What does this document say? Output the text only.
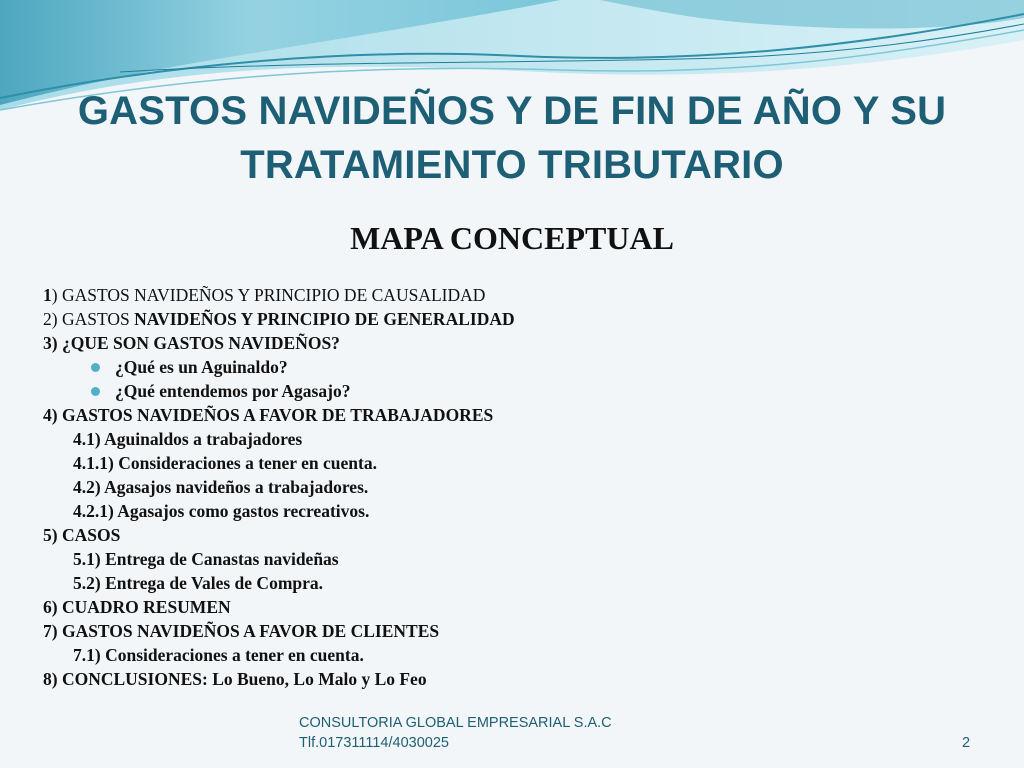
GASTOS NAVIDEÑOS Y DE FIN DE AÑO Y SU
TRATAMIENTO TRIBUTARIO
MAPA CONCEPTUAL
1) GASTOS NAVIDEÑOS Y PRINCIPIO DE CAUSALIDAD
2) GASTOS NAVIDEÑOS Y PRINCIPIO DE GENERALIDAD
3) ¿QUE SON GASTOS NAVIDEÑOS?
¿Qué es un Aguinaldo?
¿Qué entendemos por Agasajo?
4) GASTOS NAVIDEÑOS A FAVOR DE TRABAJADORES
4.1) Aguinaldos a trabajadores
4.1.1) Consideraciones a tener en cuenta.
4.2) Agasajos navideños a trabajadores.
4.2.1) Agasajos como gastos recreativos.
5) CASOS
5.1) Entrega de Canastas navideñas
5.2) Entrega de Vales de Compra.
6) CUADRO RESUMEN
7) GASTOS NAVIDEÑOS A FAVOR DE CLIENTES
7.1) Consideraciones a tener en cuenta.
8) CONCLUSIONES: Lo Bueno, Lo Malo y Lo Feo
CONSULTORIA GLOBAL EMPRESARIAL S.A.C
Tlf.017311114/4030025	2
